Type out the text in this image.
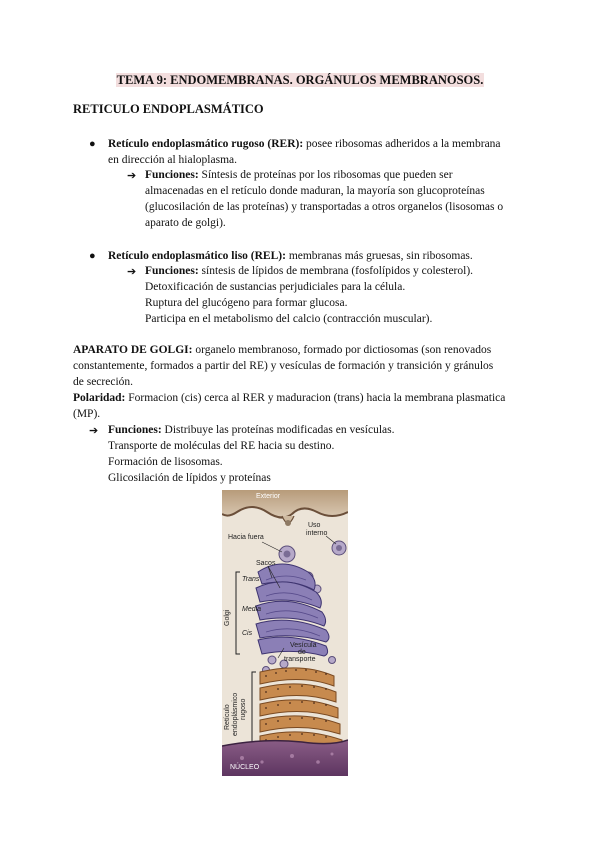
TEMA 9: ENDOMEMBRANAS. ORGÁNULOS MEMBRANOSOS.
RETICULO ENDOPLASMÁTICO
● Retículo endoplasmático rugoso (RER): posee ribosomas adheridos a la membrana
en dirección al hialoplasma.
➔ Funciones: Síntesis de proteínas por los ribosomas que pueden ser
almacenadas en el retículo donde maduran, la mayoría son glucoproteínas
(glucosilación de las proteínas) y transportadas a otros organelos (lisosomas o
aparato de golgi).
● Retículo endoplasmático liso (REL): membranas más gruesas, sin ribosomas.
➔ Funciones: síntesis de lípidos de membrana (fosfolípidos y colesterol).
Detoxificación de sustancias perjudiciales para la célula.
Ruptura del glucógeno para formar glucosa.
Participa en el metabolismo del calcio (contracción muscular).
APARATO DE GOLGI: organelo membranoso, formado por dictiosomas (son renovados
constantemente, formados a partir del RE) y vesículas de formación y transición y gránulos
de secreción.
Polaridad: Formacion (cis) cerca al RER y maduracion (trans) hacia la membrana plasmatica
(MP).
➔ Funciones: Distribuye las proteínas modificadas en vesículas.
Transporte de moléculas del RE hacia su destino.
Formación de lisosomas.
Glicosilación de lípidos y proteínas
Exterior
Hacia fuera
Uso
interno
Sacos
Trans
Media
Cis
Golgi
Vesícula
de
transporte
Retículo endoplásmico rugoso
NÚCLEO
